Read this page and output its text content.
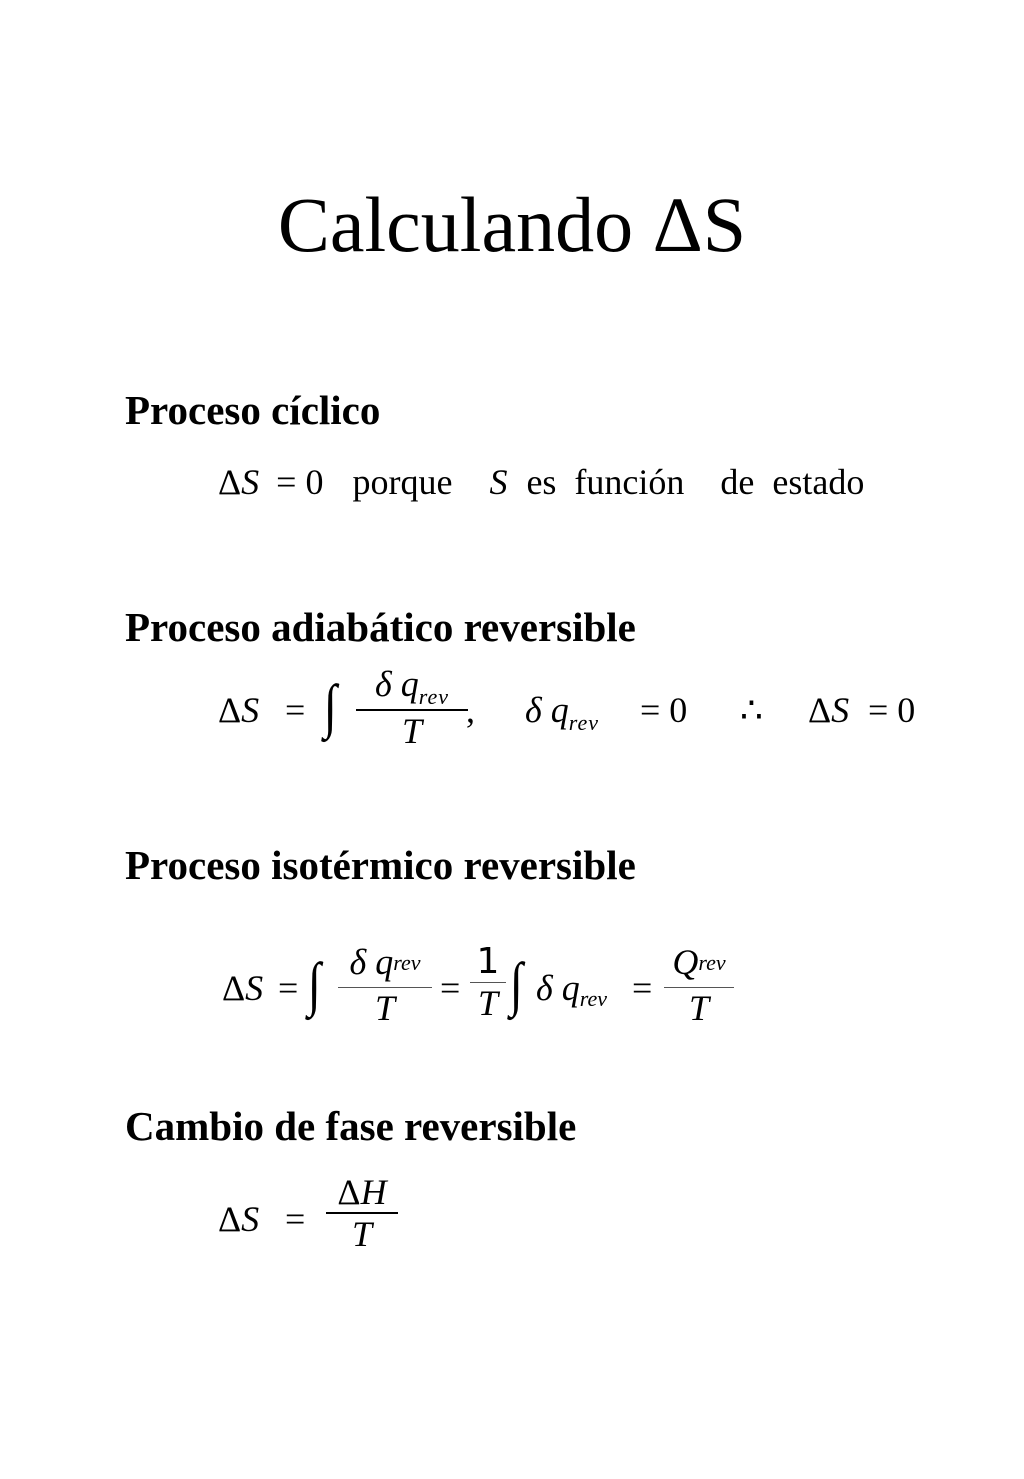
Calculando ΔS
Proceso cíclico
ΔS = 0 porque S es  función    de  estado
Proceso adiabático reversible
ΔS = ∫	δ $q_{rev}$
T
, δ $q_{rev} = 0$ ∴ ΔS = 0
Proceso isotérmico reversible
ΔS = ∫ δ qrev
T	=
1
T ∫ δ qrev =
Qrev
T
Cambio de fase reversible
ΔS =
ΔH
T
